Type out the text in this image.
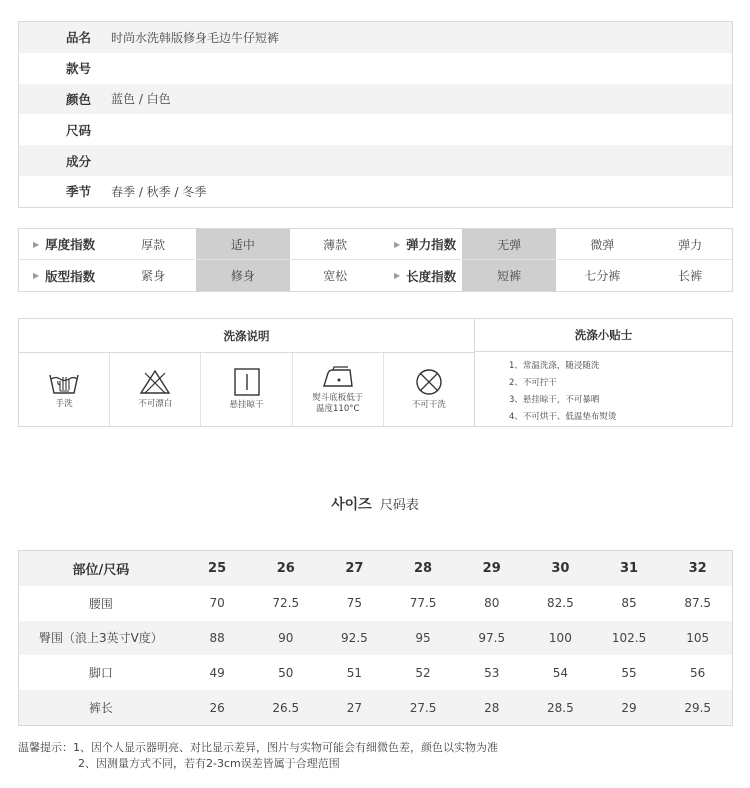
品名	时尚水洗韩版修身毛边牛仔短裤
款号
颜色	蓝色 / 白色
尺码
成分
季节	春季 / 秋季 / 冬季
▶ 厚度指数	厚款	适中	薄款	▶ 弹力指数	无弹	微弹	弹力
▶ 版型指数	紧身	修身	宽松	▶ 长度指数	短裤	七分裤	长裤
洗涤说明
手洗	不可漂白	悬挂晾干
熨斗底板低于
温度110°C	不可干洗
洗涤小贴士
1、常温洗涤，随浸随洗
2、不可拧干
3、悬挂晾干，不可暴晒
4、不可烘干、低温垫布熨烫
사이즈 尺码表
部位/尺码	25	26	27	28	29	30	31	32
腰围	70	72.5	75	77.5	80	82.5	85	87.5
臀围（浪上3英寸V度）	88	90	92.5	95	97.5	100	102.5	105
脚口	49	50	51	52	53	54	55	56
裤长	26	26.5	27	27.5	28	28.5	29	29.5
温馨提示：1、因个人显示器明亮、对比显示差异，图片与实物可能会有细微色差，颜色以实物为准
2、因测量方式不同，若有2-3cm误差皆属于合理范围
